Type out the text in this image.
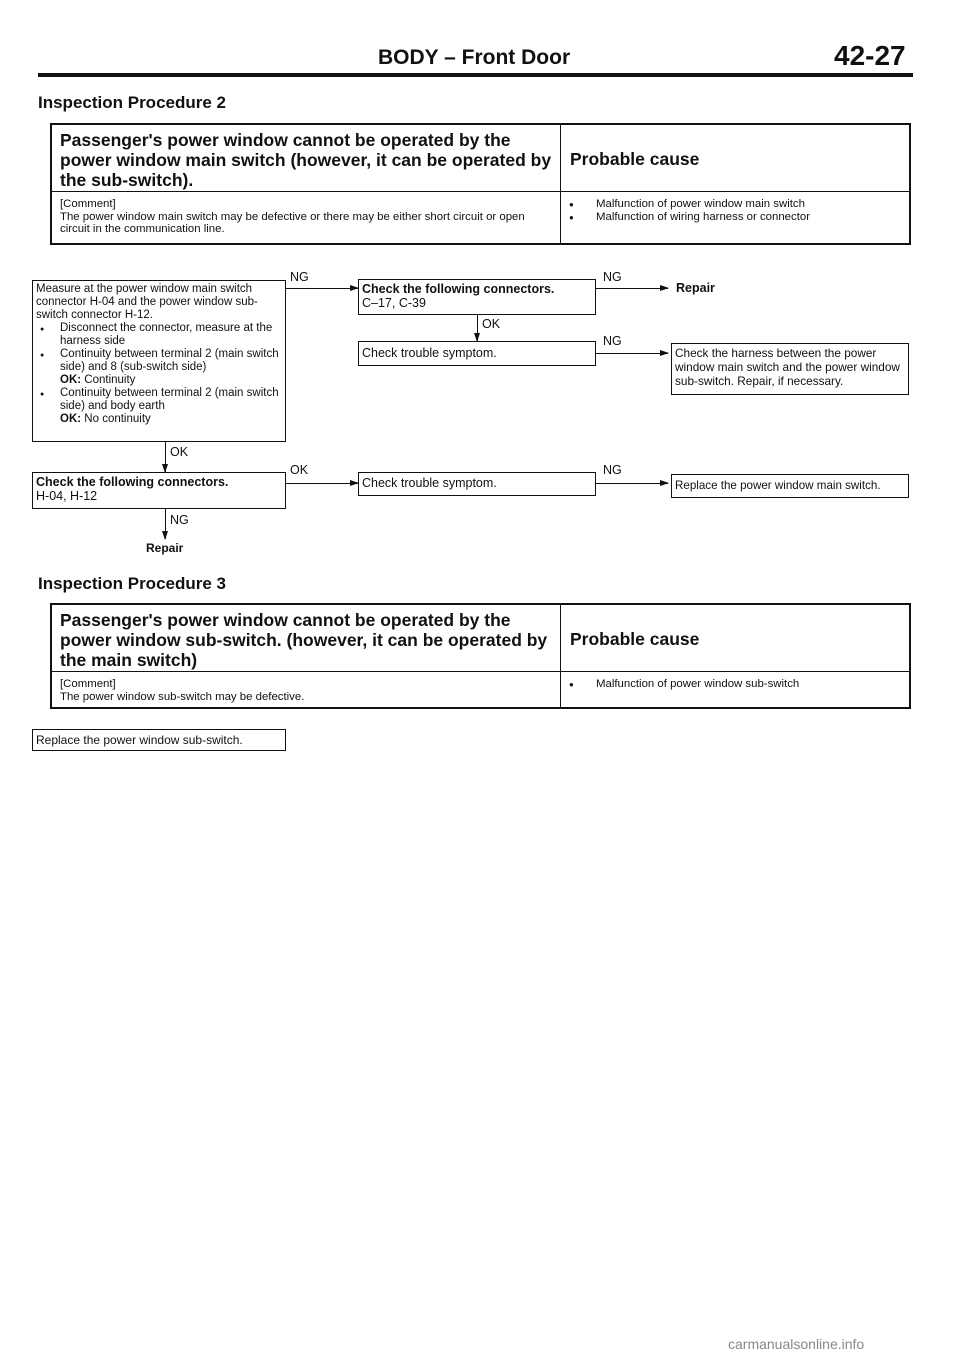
BODY – Front Door	42-27
Inspection Procedure 2
Passenger's power window cannot be operated by the power window main switch (however, it can be operated by the sub-switch).
Probable cause
[Comment]
The power window main switch may be defective or there may be either short circuit or open circuit in the communication line.
● Malfunction of power window main switch
● Malfunction of wiring harness or connector
Measure at the power window main switch connector H-04 and the power window sub-switch connector H-12.
● Disconnect the connector, measure at the harness side
● Continuity between terminal 2 (main switch side) and 8 (sub-switch side)
OK: Continuity
● Continuity between terminal 2 (main switch side) and body earth
OK: No continuity
NG
Check the following connectors.
C–17, C-39
NG
Repair
OK
Check trouble symptom.
NG
Check the harness between the power window main switch and the power window sub-switch. Repair, if necessary.
OK
Check the following connectors.
H-04, H-12
OK
Check trouble symptom.
NG
Replace the power window main switch.
NG
Repair
Inspection Procedure 3
Passenger's power window cannot be operated by the power window sub-switch. (however, it can be operated by the main switch)
Probable cause
[Comment]
The power window sub-switch may be defective.
● Malfunction of power window sub-switch
Replace the power window sub-switch.
carmanualsonline.info
